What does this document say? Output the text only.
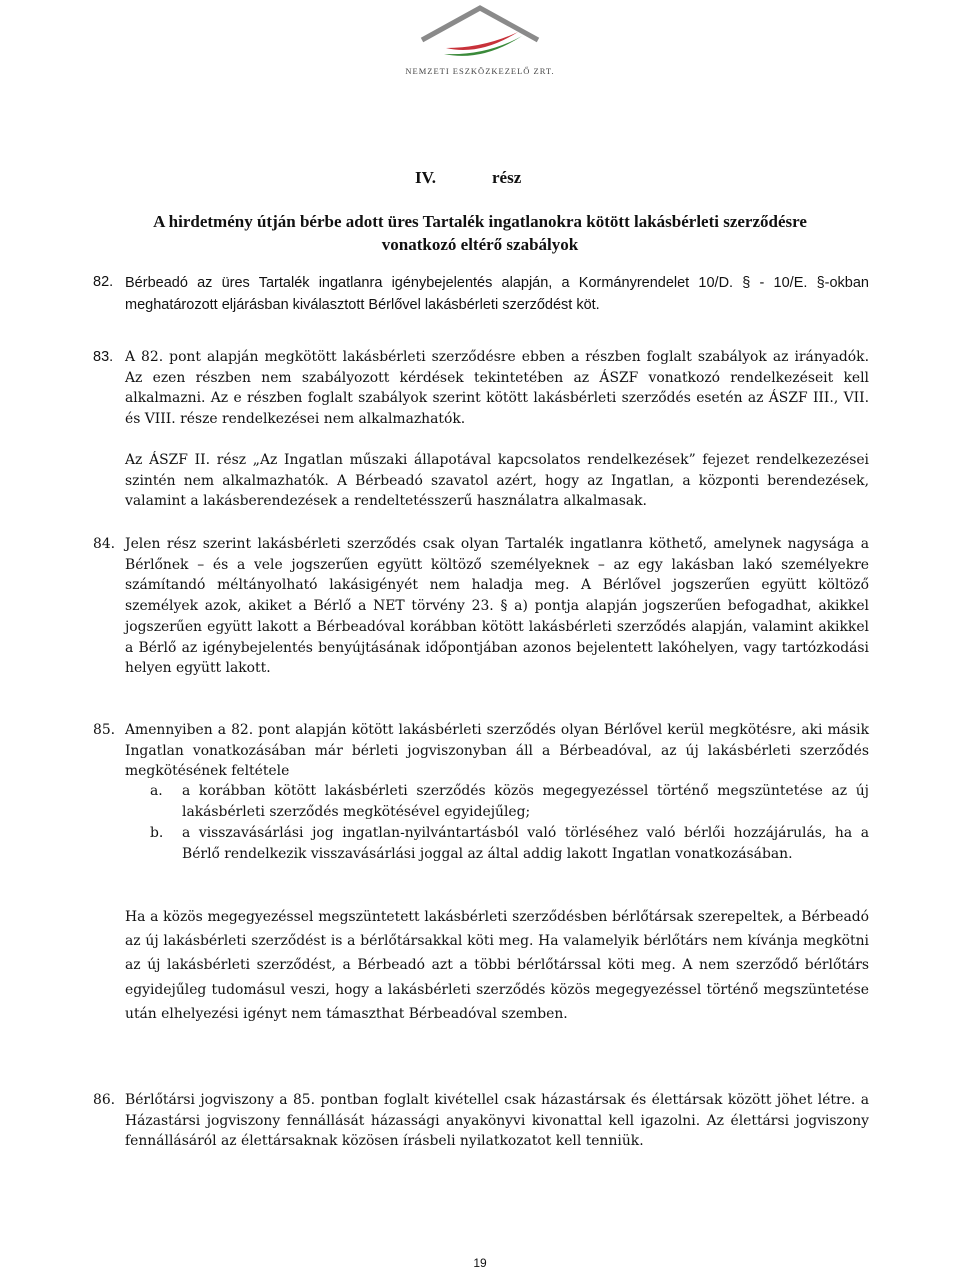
NEMZETI ESZKÖZKEZELŐ ZRT.
IV.	rész
A hirdetmény útján bérbe adott üres Tartalék ingatlanokra kötött lakásbérleti szerződésre vonatkozó eltérő szabályok
82. Bérbeadó az üres Tartalék ingatlanra igénybejelentés alapján, a Kormányrendelet 10/D. § - 10/E. §-okban meghatározott eljárásban kiválasztott Bérlővel lakásbérleti szerződést köt.
83. A 82. pont alapján megkötött lakásbérleti szerződésre ebben a részben foglalt szabályok az irányadók. Az ezen részben nem szabályozott kérdések tekintetében az ÁSZF vonatkozó rendelkezéseit kell alkalmazni. Az e részben foglalt szabályok szerint kötött lakásbérleti szerződés esetén az ÁSZF III., VII. és VIII. része rendelkezései nem alkalmazhatók.
Az ÁSZF II. rész „Az Ingatlan műszaki állapotával kapcsolatos rendelkezések” fejezet rendelkezezései szintén nem alkalmazhatók. A Bérbeadó szavatol azért, hogy az Ingatlan, a központi berendezések, valamint a lakásberendezések a rendeltetésszerű használatra alkalmasak.
84. Jelen rész szerint lakásbérleti szerződés csak olyan Tartalék ingatlanra köthető, amelynek nagysága a Bérlőnek – és a vele jogszerűen együtt költöző személyeknek – az egy lakásban lakó személyekre számítandó méltányolható lakásigényét nem haladja meg. A Bérlővel jogszerűen együtt költöző személyek azok, akiket a Bérlő a NET törvény 23. § a) pontja alapján jogszerűen befogadhat, akikkel jogszerűen együtt lakott a Bérbeadóval korábban kötött lakásbérleti szerződés alapján, valamint akikkel a Bérlő az igénybejelentés benyújtásának időpontjában azonos bejelentett lakóhelyen, vagy tartózkodási helyen együtt lakott.
85. Amennyiben a 82. pont alapján kötött lakásbérleti szerződés olyan Bérlővel kerül megkötésre, aki másik Ingatlan vonatkozásában már bérleti jogviszonyban áll a Bérbeadóval, az új lakásbérleti szerződés megkötésének feltétele
a. a korábban kötött lakásbérleti szerződés közös megegyezéssel történő megszüntetése az új lakásbérleti szerződés megkötésével egyidejűleg;
b. a visszavásárlási jog ingatlan-nyilvántartásból való törléséhez való bérlői hozzájárulás, ha a Bérlő rendelkezik visszavásárlási joggal az által addig lakott Ingatlan vonatkozásában.
Ha a közös megegyezéssel megszüntetett lakásbérleti szerződésben bérlőtársak szerepeltek, a Bérbeadó az új lakásbérleti szerződést is a bérlőtársakkal köti meg. Ha valamelyik bérlőtárs nem kívánja megkötni az új lakásbérleti szerződést, a Bérbeadó azt a többi bérlőtárssal köti meg. A nem szerződő bérlőtárs egyidejűleg tudomásul veszi, hogy a lakásbérleti szerződés közös megegyezéssel történő megszüntetése után elhelyezési igényt nem támaszthat Bérbeadóval szemben.
86. Bérlőtársi jogviszony a 85. pontban foglalt kivétellel csak házastársak és élettársak között jöhet létre. a Házastársi jogviszony fennállását házassági anyakönyvi kivonattal kell igazolni. Az élettársi jogviszony fennállásáról az élettársaknak közösen írásbeli nyilatkozatot kell tenniük.
19
